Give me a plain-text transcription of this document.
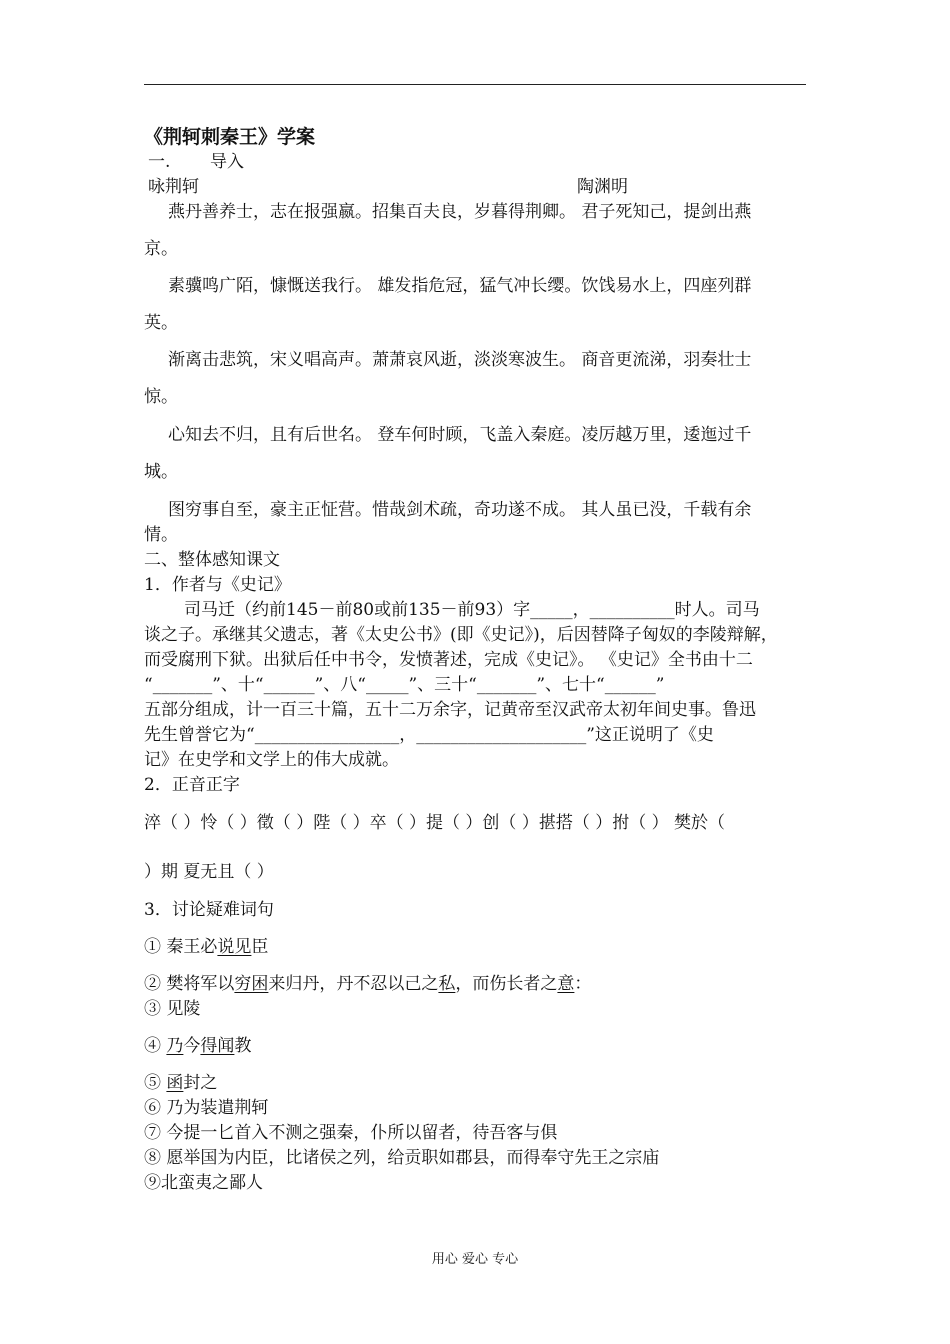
《荆轲刺秦王》学案
一. 导入
咏荆轲	陶渊明
燕丹善养士，志在报强嬴。招集百夫良，岁暮得荆卿。 君子死知己，提剑出燕
京。
素骥鸣广陌，慷慨送我行。 雄发指危冠，猛气冲长缨。饮饯易水上，四座列群
英。
渐离击悲筑，宋义唱高声。萧萧哀风逝，淡淡寒波生。 商音更流涕，羽奏壮士
惊。
心知去不归，且有后世名。 登车何时顾，飞盖入秦庭。凌厉越万里，逶迤过千
城。
图穷事自至，豪主正怔营。惜哉剑术疏，奇功遂不成。 其人虽已没，千载有余
情。
二、整体感知课文
1．作者与《史记》
司马迁（约前145－前80或前135－前93）字_____，__________时人。司马
谈之子。承继其父遗志，著《太史公书》(即《史记》)，后因替降子匈奴的李陵辩解，
而受腐刑下狱。出狱后任中书令，发愤著述，完成《史记》。 《史记》全书由十二
“_______”、十“______”、八“_____”、三十“_______”、七十“______”
五部分组成，计一百三十篇，五十二万余字，记黄帝至汉武帝太初年间史事。鲁迅
先生曾誉它为“_________________，____________________”这正说明了《史
记》在史学和文学上的伟大成就。
2．正音正字
淬（ ）怜（ ）徵（ ）陛（ ）卒（ ）提（ ）创（ ）揕搭（ ）拊（ ） 樊於（
）期 夏无且（ ）
3．讨论疑难词句
① 秦王必说见臣
② 樊将军以穷困来归丹，丹不忍以己之私，而伤长者之意：
③ 见陵
④ 乃今得闻教
⑤ 函封之
⑥ 乃为装遣荆轲
⑦ 今提一匕首入不测之强秦，仆所以留者，待吾客与俱
⑧ 愿举国为内臣，比诸侯之列，给贡职如郡县，而得奉守先王之宗庙
⑨北蛮夷之鄙人
用心 爱心 专心
